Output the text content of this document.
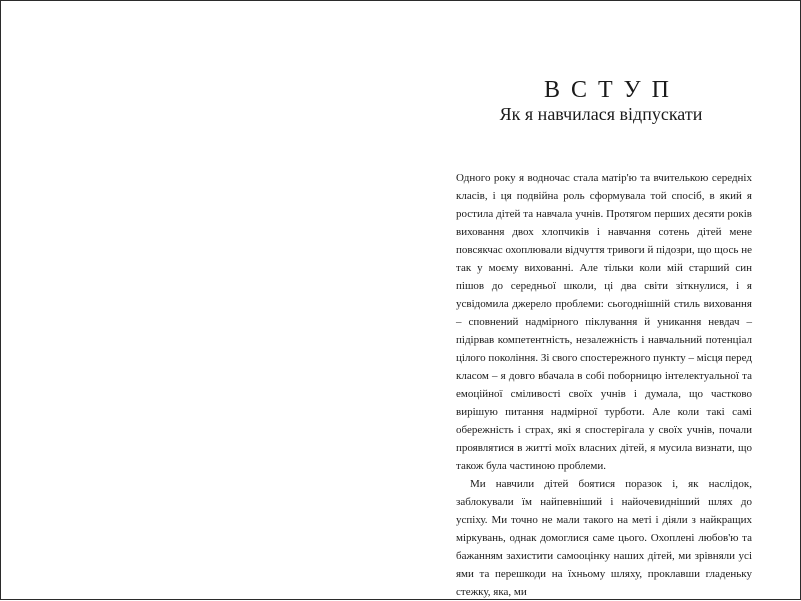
ВСТУП
Як я навчилася відпускати

Одного року я водночас стала матір'ю та вчителькою середніх класів, і ця подвійна роль сформувала той спосіб, в який я ростила дітей та навчала учнів. Протягом перших десяти років виховання двох хлопчиків і навчання сотень дітей мене повсякчас охоплювали відчуття тривоги й підозри, що щось не так у моєму вихованні. Але тільки коли мій старший син пішов до середньої школи, ці два світи зіткнулися, і я усвідомила джерело проблеми: сьогоднішній стиль виховання – сповнений надмірного піклування й уникання невдач – підірвав компетентність, незалежність і навчальний потенціал цілого покоління. Зі свого спостережного пункту – місця перед класом – я довго вбачала в собі поборницю інтелектуальної та емоційної сміливості своїх учнів і думала, що частково вирішую питання надмірної турботи. Але коли такі самі обережність і страх, які я спостерігала у своїх учнів, почали проявлятися в житті моїх власних дітей, я мусила визнати, що також була частиною проблеми.

Ми навчили дітей боятися поразок і, як наслідок, заблокували їм найпевніший і найочевидніший шлях до успіху. Ми точно не мали такого на меті і діяли з найкращих міркувань, однак домоглися саме цього. Охоплені любов'ю та бажанням захистити самооцінку наших дітей, ми зрівняли усі ями та перешкоди на їхньому шляху, проклавши гладеньку стежку, яка, ми
